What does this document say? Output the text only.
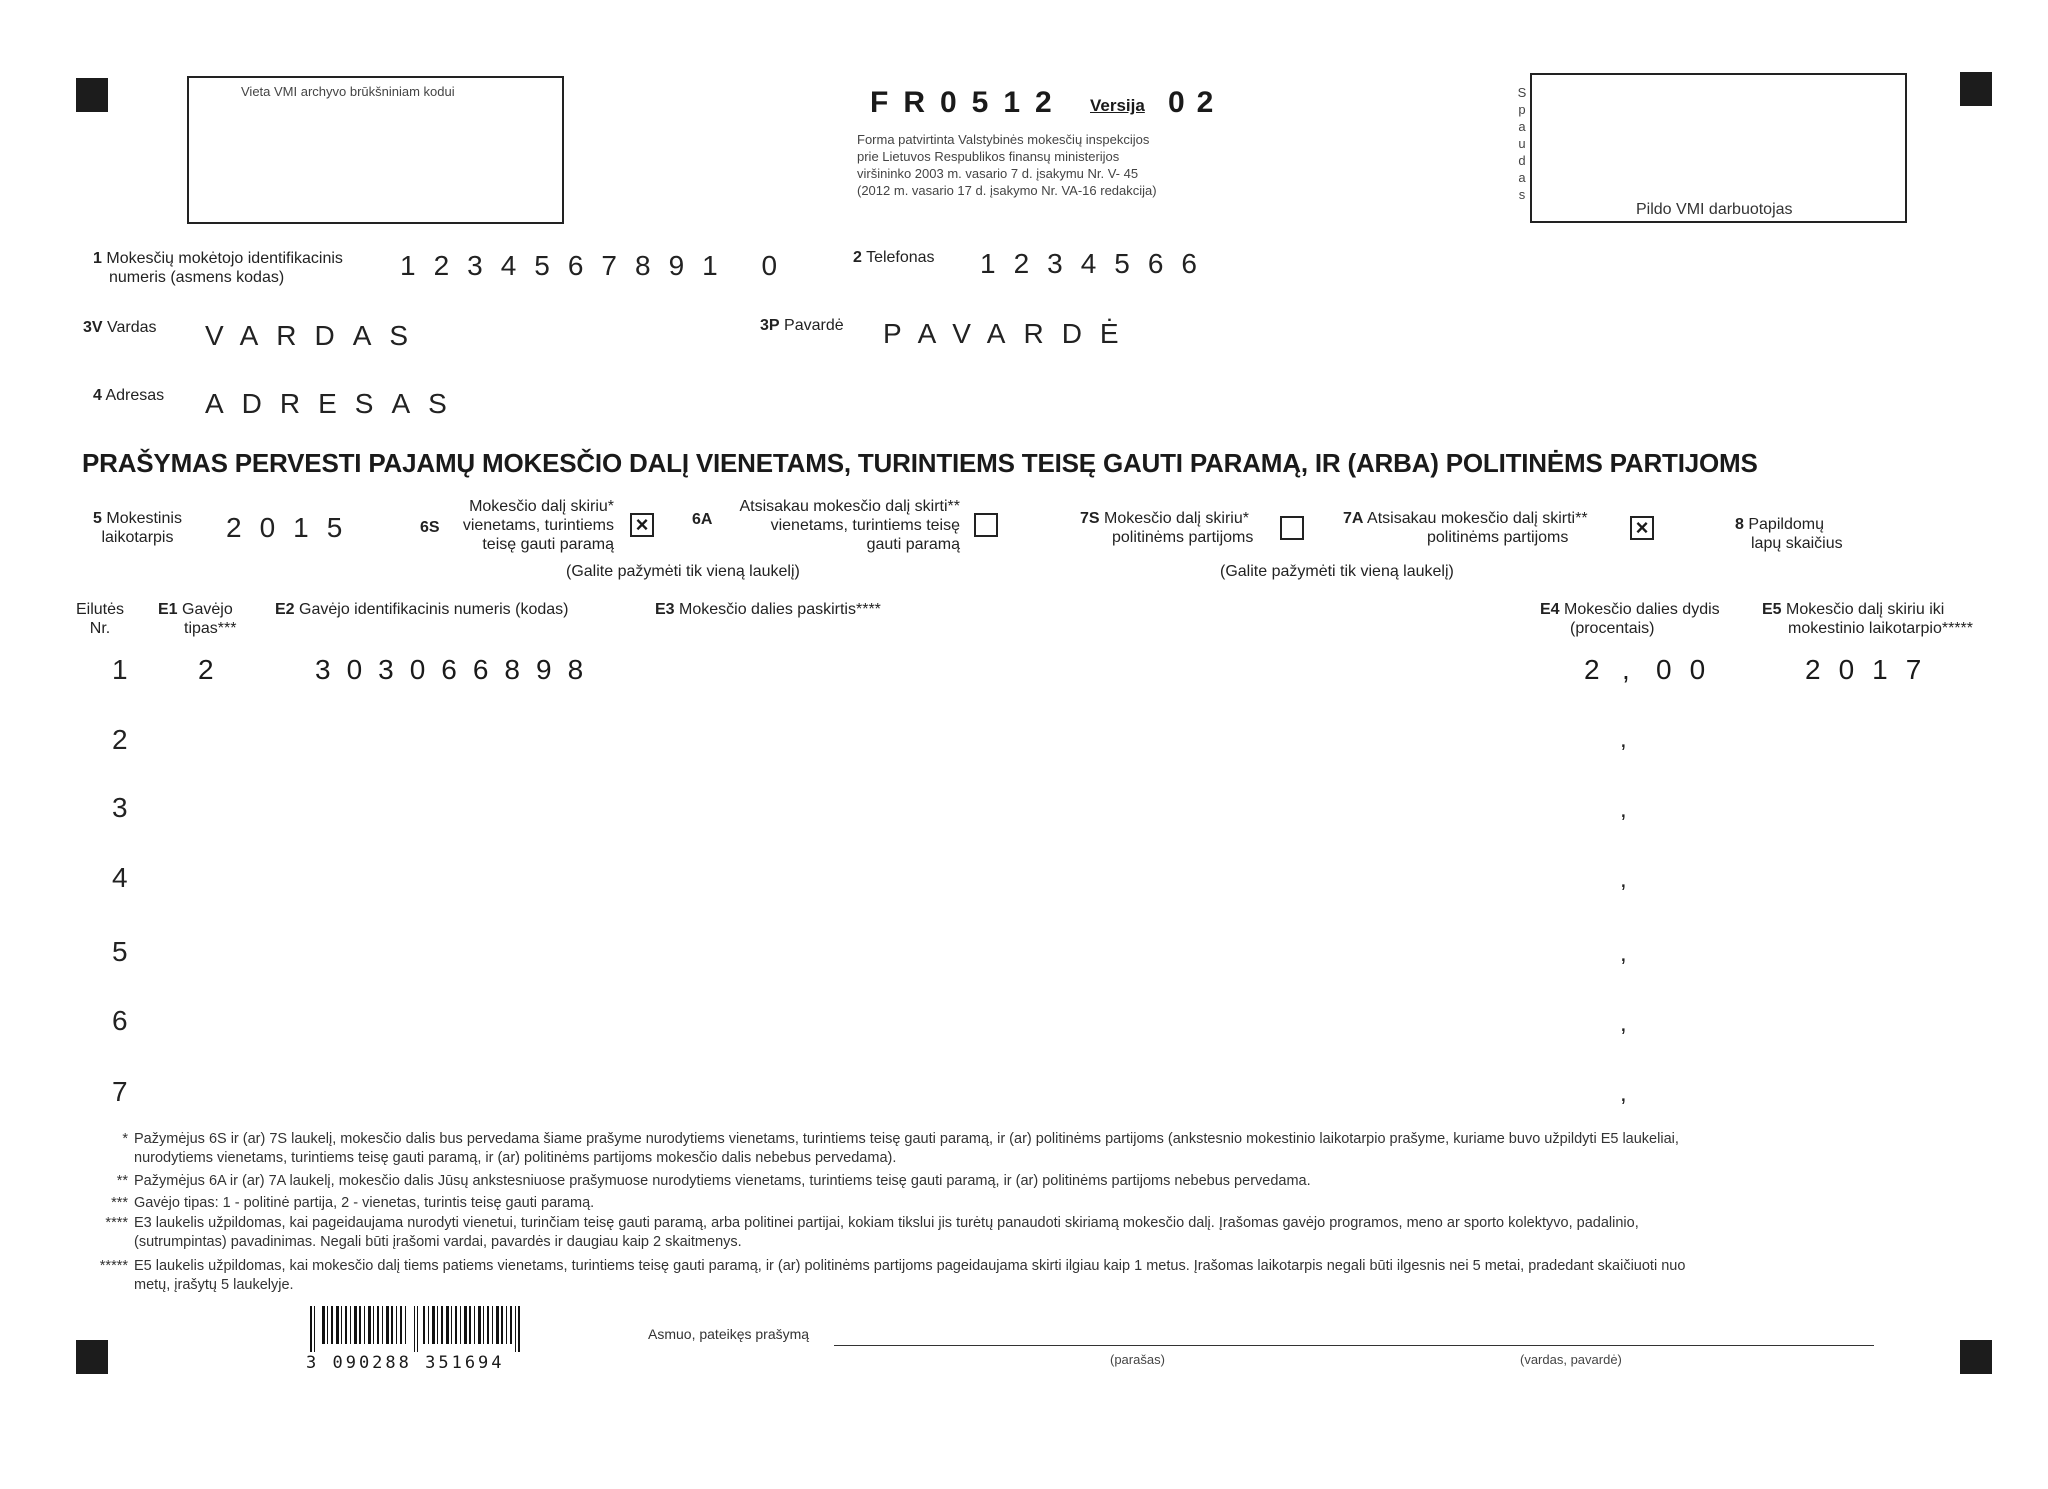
Vieta VMI archyvo brūkšniniam kodui	FR0512 Versija 02
Forma patvirtinta Valstybinės mokesčių inspekcijos
prie Lietuvos Respublikos finansų ministerijos
viršininko 2003 m. vasario 7 d. įsakymu Nr. V- 45
(2012 m. vasario 17 d. įsakymo Nr. VA-16 redakcija)
S
p
a
u
d
a
s
Pildo VMI darbuotojas
1 Mokesčių mokėtojo identifikacinis
numeris (asmens kodas)	1234567891 0	2 Telefonas 1234566
3V Vardas VARDAS	3P Pavardė PAVARDĖ
4 Adresas ADRESAS
PRAŠYMAS PERVESTI PAJAMŲ MOKESČIO DALĮ VIENETAMS, TURINTIEMS TEISĘ GAUTI PARAMĄ, IR (ARBA) POLITINĖMS PARTIJOMS
5 Mokestinis
laikotarpis	2015	6S
Mokesčio dalį skiriu*
vienetams, turintiems
teisę gauti paramą
×	6A
Atsisakau mokesčio dalį skirti**
vienetams, turintiems teisę
gauti paramą
(Galite pažymėti tik vieną laukelį)
7S Mokesčio dalį skiriu*
politinėms partijoms
7A Atsisakau mokesčio dalį skirti**
politinėms partijoms	×
(Galite pažymėti tik vieną laukelį)
8 Papildomų
lapų skaičius
Eilutės
Nr.
E1 Gavėjo
tipas***
E2 Gavėjo identifikacinis numeris (kodas)	E3 Mokesčio dalies paskirtis****	E4 Mokesčio dalies dydis
(procentais)
E5 Mokesčio dalį skiriu iki
mokestinio laikotarpio*****
1	2	303066898	2 , 00	2017
2	,
3	,
4	,
5	,
6	,
7	,
* Pažymėjus 6S ir (ar) 7S laukelį, mokesčio dalis bus pervedama šiame prašyme nurodytiems vienetams, turintiems teisę gauti paramą, ir (ar) politinėms partijoms (ankstesnio mokestinio laikotarpio prašyme, kuriame buvo užpildyti E5 laukeliai,
nurodytiems vienetams, turintiems teisę gauti paramą, ir (ar) politinėms partijoms mokesčio dalis nebebus pervedama).
** Pažymėjus 6A ir (ar) 7A laukelį, mokesčio dalis Jūsų ankstesniuose prašymuose nurodytiems vienetams, turintiems teisę gauti paramą, ir (ar) politinėms partijoms nebebus pervedama.
*** Gavėjo tipas: 1 - politinė partija, 2 - vienetas, turintis teisę gauti paramą.
**** E3 laukelis užpildomas, kai pageidaujama nurodyti vienetui, turinčiam teisę gauti paramą, arba politinei partijai, kokiam tikslui jis turėtų panaudoti skiriamą mokesčio dalį. Įrašomas gavėjo programos, meno ar sporto kolektyvo, padalinio,
(sutrumpintas) pavadinimas. Negali būti įrašomi vardai, pavardės ir daugiau kaip 2 skaitmenys.
***** E5 laukelis užpildomas, kai mokesčio dalį tiems patiems vienetams, turintiems teisę gauti paramą, ir (ar) politinėms partijoms pageidaujama skirti ilgiau kaip 1 metus. Įrašomas laikotarpis negali būti ilgesnis nei 5 metai, pradedant skaičiuoti nuo
metų, įrašytų 5 laukelyje.
3 090288 351694
Asmuo, pateikęs prašymą
(parašas)	(vardas, pavardė)
